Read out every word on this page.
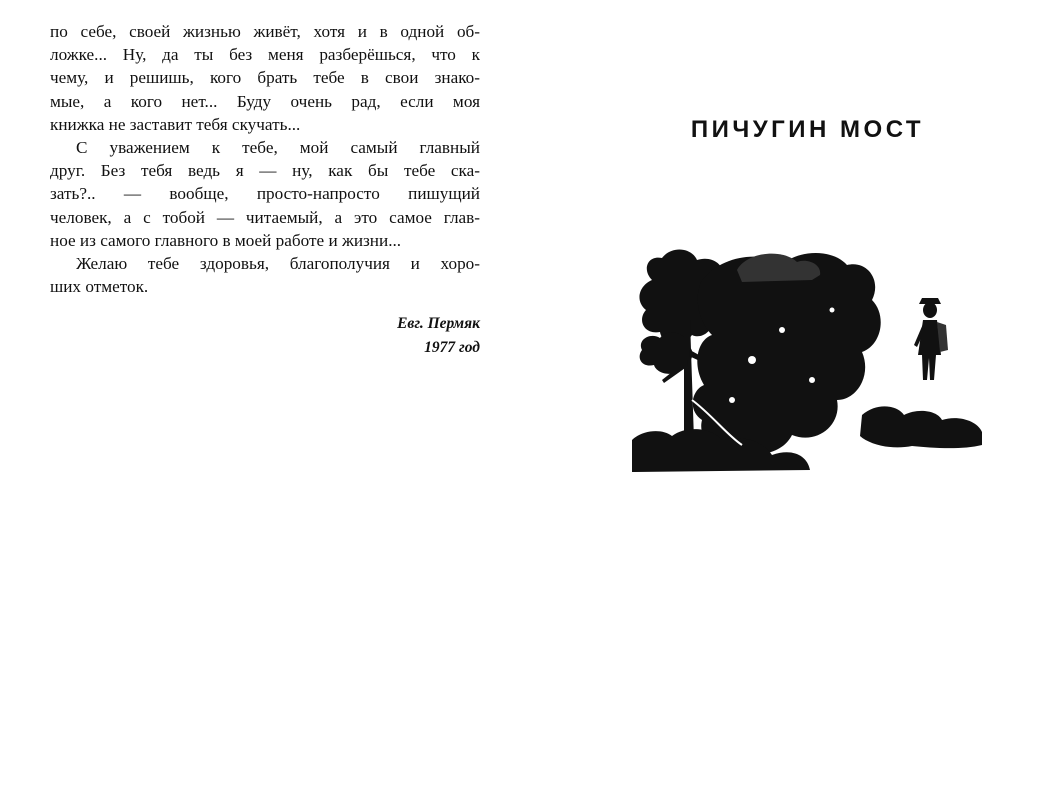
по себе, своей жизнью живёт, хотя и в одной об-
ложке... Ну, да ты без меня разберёшься, что к
чему, и решишь, кого брать тебе в свои знако-
мые, а кого нет... Буду очень рад, если моя
книжка не заставит тебя скучать...
С уважением к тебе, мой самый главный
друг. Без тебя ведь я — ну, как бы тебе ска-
зать?.. — вообще, просто-напросто пишущий
человек, а с тобой — читаемый, а это самое глав-
ное из самого главного в моей работе и жизни...
Желаю тебе здоровья, благополучия и хоро-
ших отметок.
Евг. Пермяк
1977 год
ПИЧУГИН МОСТ
